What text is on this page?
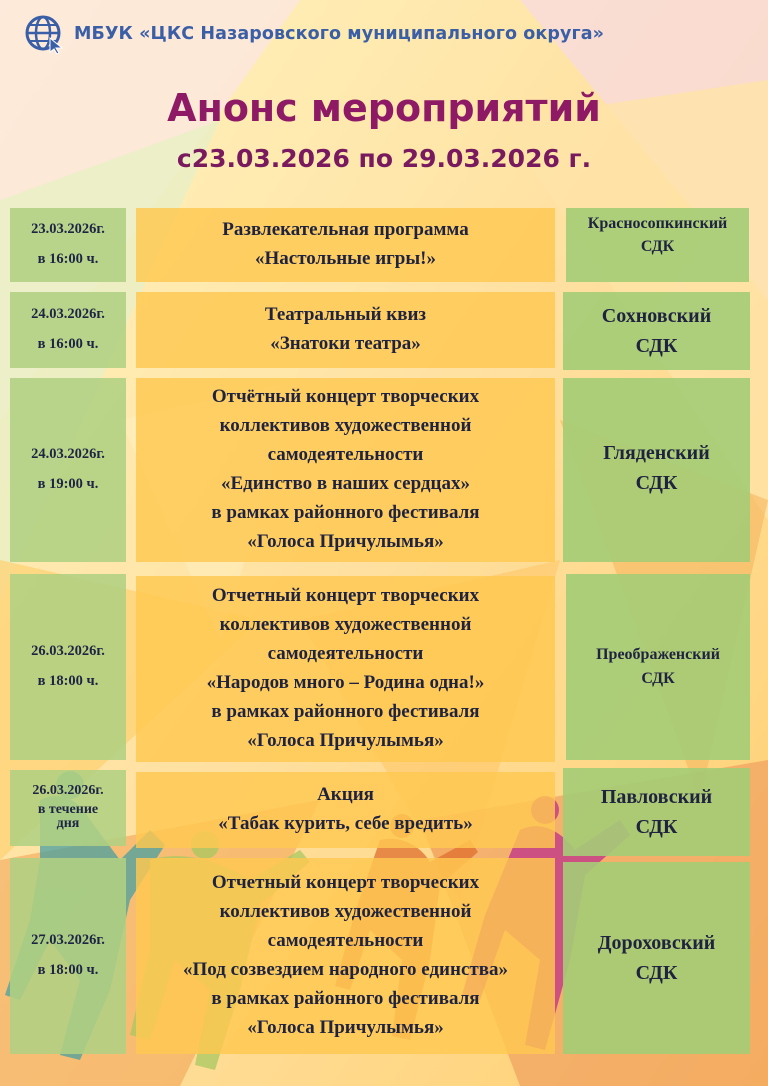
МБУК «ЦКС Назаровского муниципального округа»
Анонс мероприятий
с23.03.2026 по 29.03.2026 г.
23.03.2026г.
в 16:00 ч.
Развлекательная программа
«Настольные игры!»
Красносопкинский
СДК
24.03.2026г.
в 16:00 ч.
Театральный квиз
«Знатоки театра»
Сохновский
СДК
24.03.2026г.
в 19:00 ч.
Отчётный концерт творческих
коллективов художественной
самодеятельности
«Единство в наших сердцах»
в рамках районного фестиваля
«Голоса Причулымья»
Гляденский
СДК
26.03.2026г.
в 18:00 ч.
Отчетный концерт творческих
коллективов художественной
самодеятельности
«Народов много – Родина одна!»
в рамках районного фестиваля
«Голоса Причулымья»
Преображенский
СДК
26.03.2026г.
в течение дня
Акция
«Табак курить, себе вредить»
Павловский
СДК
27.03.2026г.
в 18:00 ч.
Отчетный концерт творческих
коллективов художественной
самодеятельности
«Под созвездием народного единства»
в рамках районного фестиваля
«Голоса Причулымья»
Дороховский
СДК
